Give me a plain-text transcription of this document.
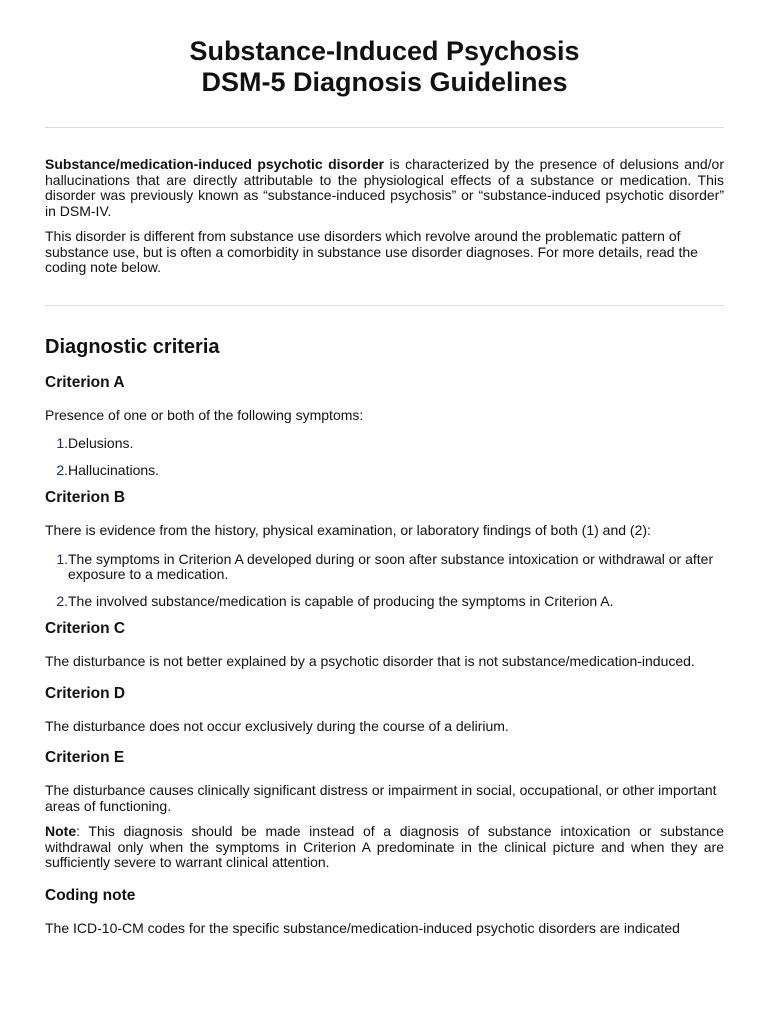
Substance-Induced Psychosis
DSM-5 Diagnosis Guidelines

Substance/medication-induced psychotic disorder is characterized by the presence of delusions and/or hallucinations that are directly attributable to the physiological effects of a substance or medication. This disorder was previously known as “substance-induced psychosis” or “substance-induced psychotic disorder” in DSM-IV.

This disorder is different from substance use disorders which revolve around the problematic pattern of substance use, but is often a comorbidity in substance use disorder diagnoses. For more details, read the coding note below.

Diagnostic criteria
Criterion A

Presence of one or both of the following symptoms:

1. Delusions.
2. Hallucinations.
Criterion B

There is evidence from the history, physical examination, or laboratory findings of both (1) and (2):

1. The symptoms in Criterion A developed during or soon after substance intoxication or withdrawal or after exposure to a medication.
2. The involved substance/medication is capable of producing the symptoms in Criterion A.
Criterion C

The disturbance is not better explained by a psychotic disorder that is not substance/medication-induced.

Criterion D

The disturbance does not occur exclusively during the course of a delirium.

Criterion E

The disturbance causes clinically significant distress or impairment in social, occupational, or other important areas of functioning.

Note: This diagnosis should be made instead of a diagnosis of substance intoxication or substance withdrawal only when the symptoms in Criterion A predominate in the clinical picture and when they are sufficiently severe to warrant clinical attention.

Coding note

The ICD-10-CM codes for the specific substance/medication-induced psychotic disorders are indicated
